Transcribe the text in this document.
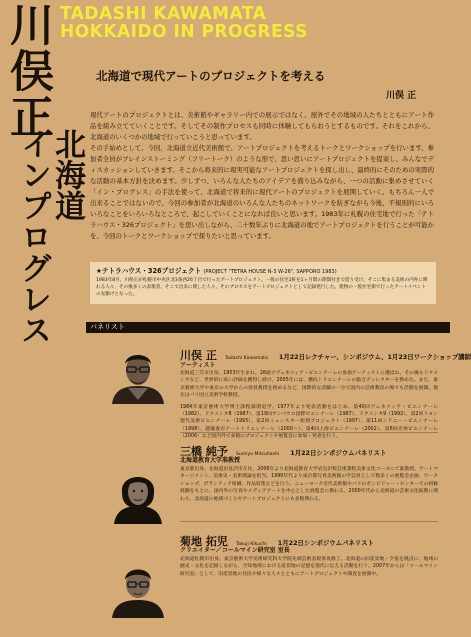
川俣正
北海道
インプログレス
TADASHI KAWAMATA
HOKKAIDO IN PROGRESS
北海道で現代アートのプロジェクトを考える
川俣 正

現代アートのプロジェクトとは、美術館やギャラリー内での展示ではなく、屋外でその地域の人たちとともにアート作品を組み立てていくことです。そしてその制作プロセスも同時に体験してもらおうとするものです。それをこれから、北海道のいくつかの地域で行っていこうと思っています。

その手始めとして、今回、北海道立近代美術館で、アートプロジェクトを考えるトークとワークショップを行います。参加者全員がブレインストーミング（フリートーク）のような形で、思い思いにアートプロジェクトを提案し、みんなでディスカッションしていきます。そこから将来的に現実可能なアートプロジェクトを探し出し、最終的にそのための実際的な活動の基本方針を決めます。少しずつ、いろんな人たちのアイデアを盛り込みながら、一つの活動に集めさせていく「イン・プログレス」の手法を使って、北海道で将来的に現代アートのプロジェクトを展開していく。もちろん一人で出来ることではないので、今回の参加者が北海道のいろんな人たちのネットワークを紡ぎながら今後、不規則的にいろいろなことをいろいろなところで、起こしていくことになれば良いと思います。1983年に札幌の住宅地で行った「テトラハウス・326プロジェクト」を思い出しながら、二十数年ぶりに北海道の地でアートプロジェクトを行うことが可能かを、今回のトークとワークショップで探りたいと思っています。

★テトラハウス・326プロジェクト (PROJECT "TETRA HOUSE N-3 W-26", SAPPORO 1983)
1983年8月、川俣正が札幌市中央区北3条西26丁目で行ったアートプロジェクト。一般の住宅1軒を1ヶ月間の期間付きで借り受け、そこに集まる美術の内外に関わる人々、その後多くの表現者、そこで出来に関した人々、そのプロセスをアートプロジェクトとして記録発行した。建物の一般住宅街で行ったアートイベントの先駆けとなった。
パネリスト
川俣 正 Tadashi Kawamata 1月22日レクチャー、シンポジウム、1月23日ワークショップ講師
アーティスト

北海道三笠市出身。1953年生まれ。28歳でヴェネツィア・ビエンナーレの参加アーティストに選ばれ、その後もドクメンタなど、世界的に高い評価を獲得し続け、2005年には、横浜トリエンナーレの総合ディレクターを務めた。また、東京藝術大学や東京の大学からの客員教授を務めるなど、国際的な活躍の一方で国内の芸術教育の場でも活動を展開。現在はパリ国立美術学校教授。

1984年東京藝術大学博士課程満期退学。1977年より発表活動をはじめ、第40回ヴェネツィア・ビエンナーレ（1982）、ドクメンタ8（1987）、第19回サンパウロ国際ビエンナーレ（1987）、ドクメンタ9（1992）、第2回リヨン現代美術ビエンナーレ（1993）、第2回ミュンスター彫刻プロジェクト（1997）、第11回シドニー・ビエンナーレ（1998）、越後妻有アートトリエンナーレ（2000～）、第4回上海ビエンナーレ（2002）、第6回光州ビエンナーレ（2006）など国内外で多数のプロジェクトや展覧会に参加・発表を行う。

三橋 純予 Sumiyo Mitsuhashi 1月22日シンポジウムパネリスト
北海道教育大学准教授

東京都出身。北海道岩見沢市在住。2006年より北海道教育大学岩見沢校芸術課程美術文化コースにて准教授。アートマネージメント、美術史・美術理論を担当。1990年代より東京都写真美術館の学芸員として数多くの展覧会企画、ワークショップ、ボランティア組織、作品収集などを行う。ニューヨーク近代美術館やパリのポンピドゥー・センターでの研修経験をもとに、国内外の写真やメディアアートを中心とした展覧会に携わる。2000年代から北海道の芸術文化振興に関わり、北海道の地域づくりやアートプロジェクトにも多数関わる。

菊地 拓児 Takuji Kikuchi 1月22日シンポジウムパネリスト
クリエイター／コールマイン研究室 室長

北海道札幌市出身。東京藝術大学美術研究科大学院先端芸術表現専攻修了。北海道の旧産炭地・夕張を拠点に、地域の歴史・文化を記録しながら、空知地域における産炭地の記憶を現代に伝える活動を行う。2007年からは「コールマイン研究室」として、旧産炭地の住民や様々な人々とともにアートプロジェクトや調査を展開中。
